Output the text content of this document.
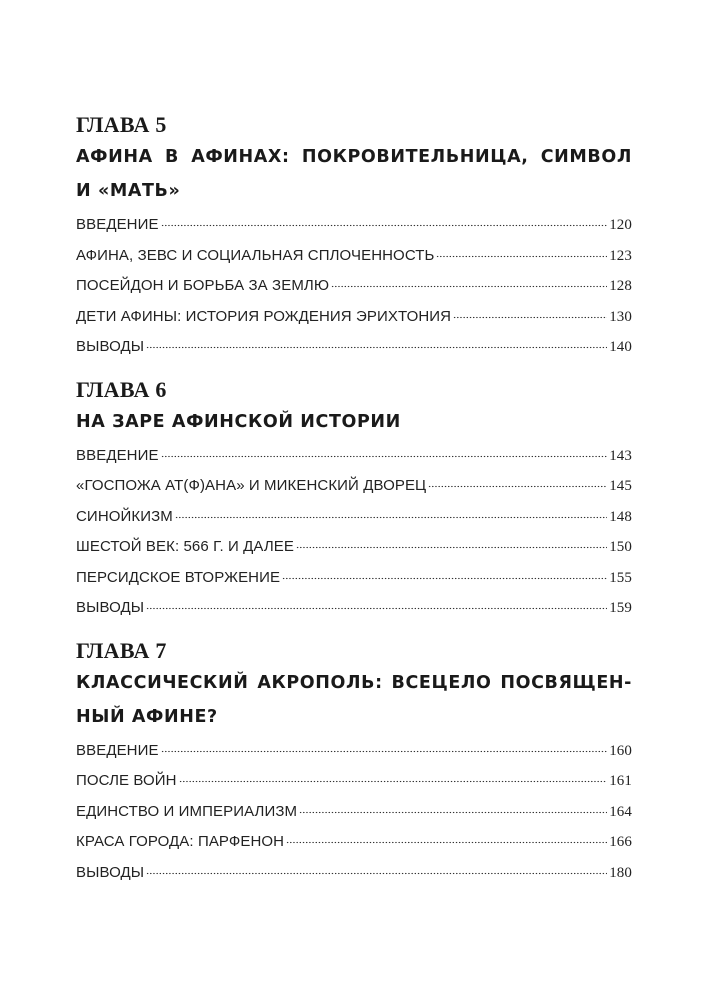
ГЛАВА 5
АФИНА В АФИНАХ: ПОКРОВИТЕЛЬНИЦА, СИМВОЛ
И «МАТЬ»
ВВЕДЕНИЕ	120
АФИНА, ЗЕВС И СОЦИАЛЬНАЯ СПЛОЧЕННОСТЬ	123
ПОСЕЙДОН И БОРЬБА ЗА ЗЕМЛЮ	128
ДЕТИ АФИНЫ: ИСТОРИЯ РОЖДЕНИЯ ЭРИХТОНИЯ	130
ВЫВОДЫ	140
ГЛАВА 6
НА ЗАРЕ АФИНСКОЙ ИСТОРИИ
ВВЕДЕНИЕ	143
«ГОСПОЖА АТ(Ф)АНА» И МИКЕНСКИЙ ДВОРЕЦ	145
СИНОЙКИЗМ	148
ШЕСТОЙ ВЕК: 566 Г. И ДАЛЕЕ	150
ПЕРСИДСКОЕ ВТОРЖЕНИЕ	155
ВЫВОДЫ	159
ГЛАВА 7
КЛАССИЧЕСКИЙ АКРОПОЛЬ: ВСЕЦЕЛО ПОСВЯЩЕН-
НЫЙ АФИНЕ?
ВВЕДЕНИЕ	160
ПОСЛЕ ВОЙН	161
ЕДИНСТВО И ИМПЕРИАЛИЗМ	164
КРАСА ГОРОДА: ПАРФЕНОН	166
ВЫВОДЫ	180
